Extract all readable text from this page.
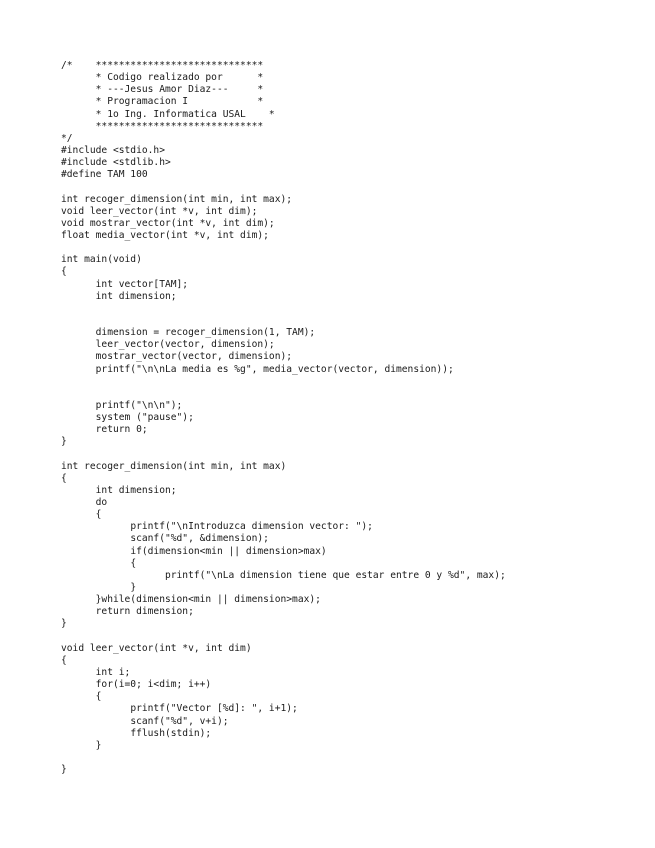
/*	*****************************
	* Codigo realizado por	*
	* ---Jesus Amor Diaz---	*
	* Programacion I		*
	* 1o Ing. Informatica USAL    *
	*****************************
*/
#include <stdio.h>
#include <stdlib.h>
#define TAM 100
int recoger_dimension(int min, int max);
void leer_vector(int *v, int dim);
void mostrar_vector(int *v, int dim);
float media_vector(int *v, int dim);
int main(void)
{
	int vector[TAM];
	int dimension;
	dimension = recoger_dimension(1, TAM);
	leer_vector(vector, dimension);
	mostrar_vector(vector, dimension);
	printf("\n\nLa media es %g", media_vector(vector, dimension));
	printf("\n\n");
	system ("pause");
	return 0;
}
int recoger_dimension(int min, int max)
{
	int dimension;
	do
	{
		printf("\nIntroduzca dimension vector: ");
		scanf("%d", &dimension);
		if(dimension<min || dimension>max)
		{
			printf("\nLa dimension tiene que estar entre 0 y %d", max);
		}
	}while(dimension<min || dimension>max);
	return dimension;
}
void leer_vector(int *v, int dim)
{
	int i;
	for(i=0; i<dim; i++)
	{
		printf("Vector [%d]: ", i+1);
		scanf("%d", v+i);
		fflush(stdin);
	}
}
